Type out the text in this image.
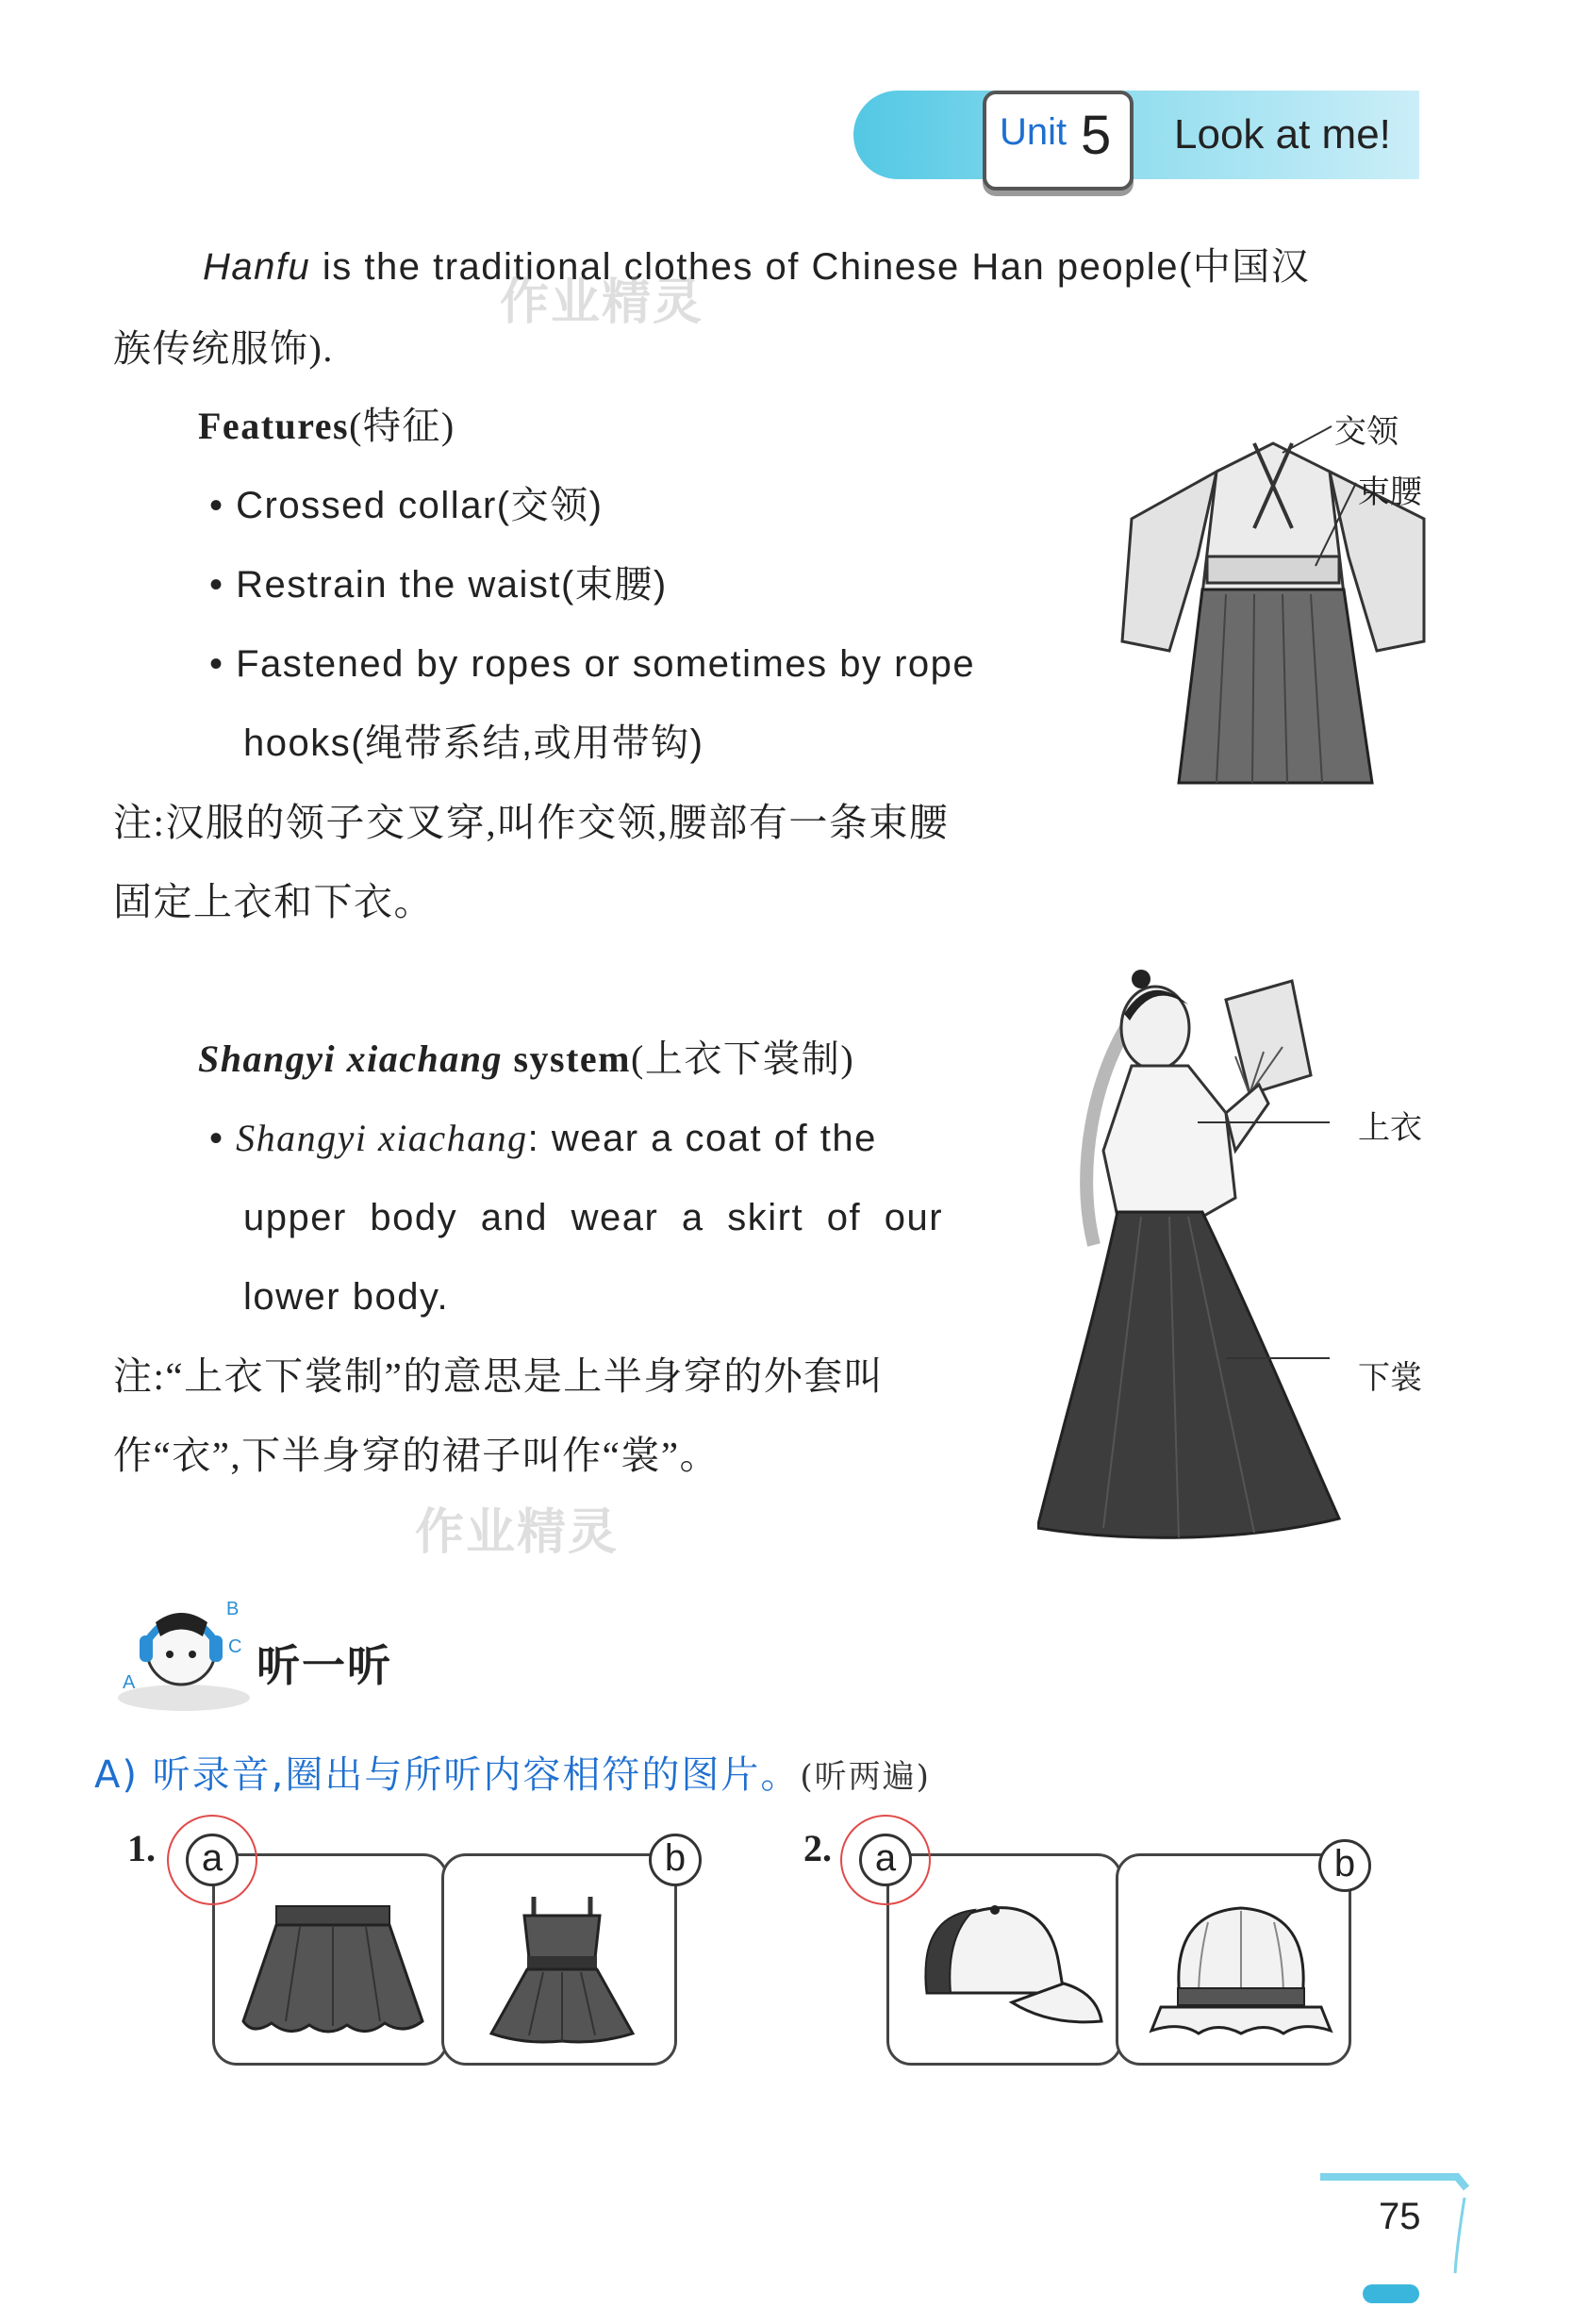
Unit 5 Look at me!
Hanfu is the traditional clothes of Chinese Han people(中国汉
族传统服饰).
Features(特征)
• Crossed collar(交领)
• Restrain the waist(束腰)
• Fastened by ropes or sometimes by rope
hooks(绳带系结,或用带钩)
注:汉服的领子交叉穿,叫作交领,腰部有一条束腰
固定上衣和下衣。
交领
束腰
Shangyi xiachang system(上衣下裳制)
• Shangyi xiachang: wear a coat of the
upper body and wear a skirt of our
lower body.
注:“上衣下裳制”的意思是上半身穿的外套叫
作“衣”,下半身穿的裙子叫作“裳”。
上衣
下裳
作业精灵
作业精灵
B
C
A	听一听
A) 听录音,圈出与所听内容相符的图片。(听两遍)
1.	a	b	2.	a	b
75
